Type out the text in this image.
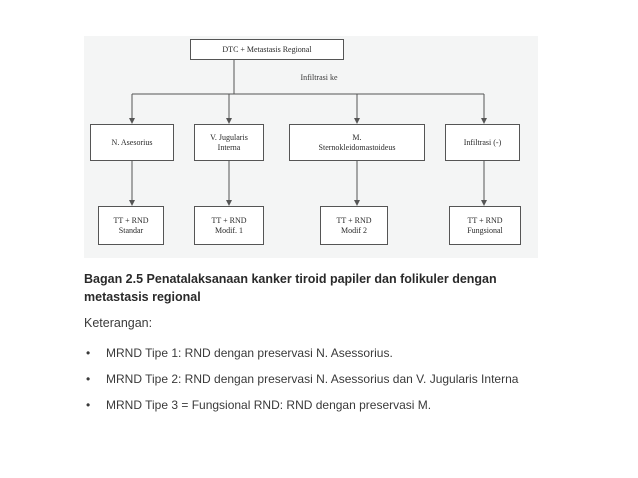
DTC + Metastasis Regional
Infiltrasi ke
N. Asesorius
V. Jugularis
Interna
M.
Sternokleidomastoideus
Infiltrasi (-)
TT + RND
Standar
TT + RND
Modif. 1
TT + RND
Modif 2
TT + RND
Fungsional
Bagan 2.5 Penatalaksanaan kanker tiroid papiler dan folikuler dengan metastasis regional
Keterangan:
• MRND Tipe 1: RND dengan preservasi N. Asessorius.
• MRND Tipe 2: RND dengan preservasi N. Asessorius dan V. Jugularis Interna
• MRND Tipe 3 = Fungsional RND: RND dengan preservasi M.
